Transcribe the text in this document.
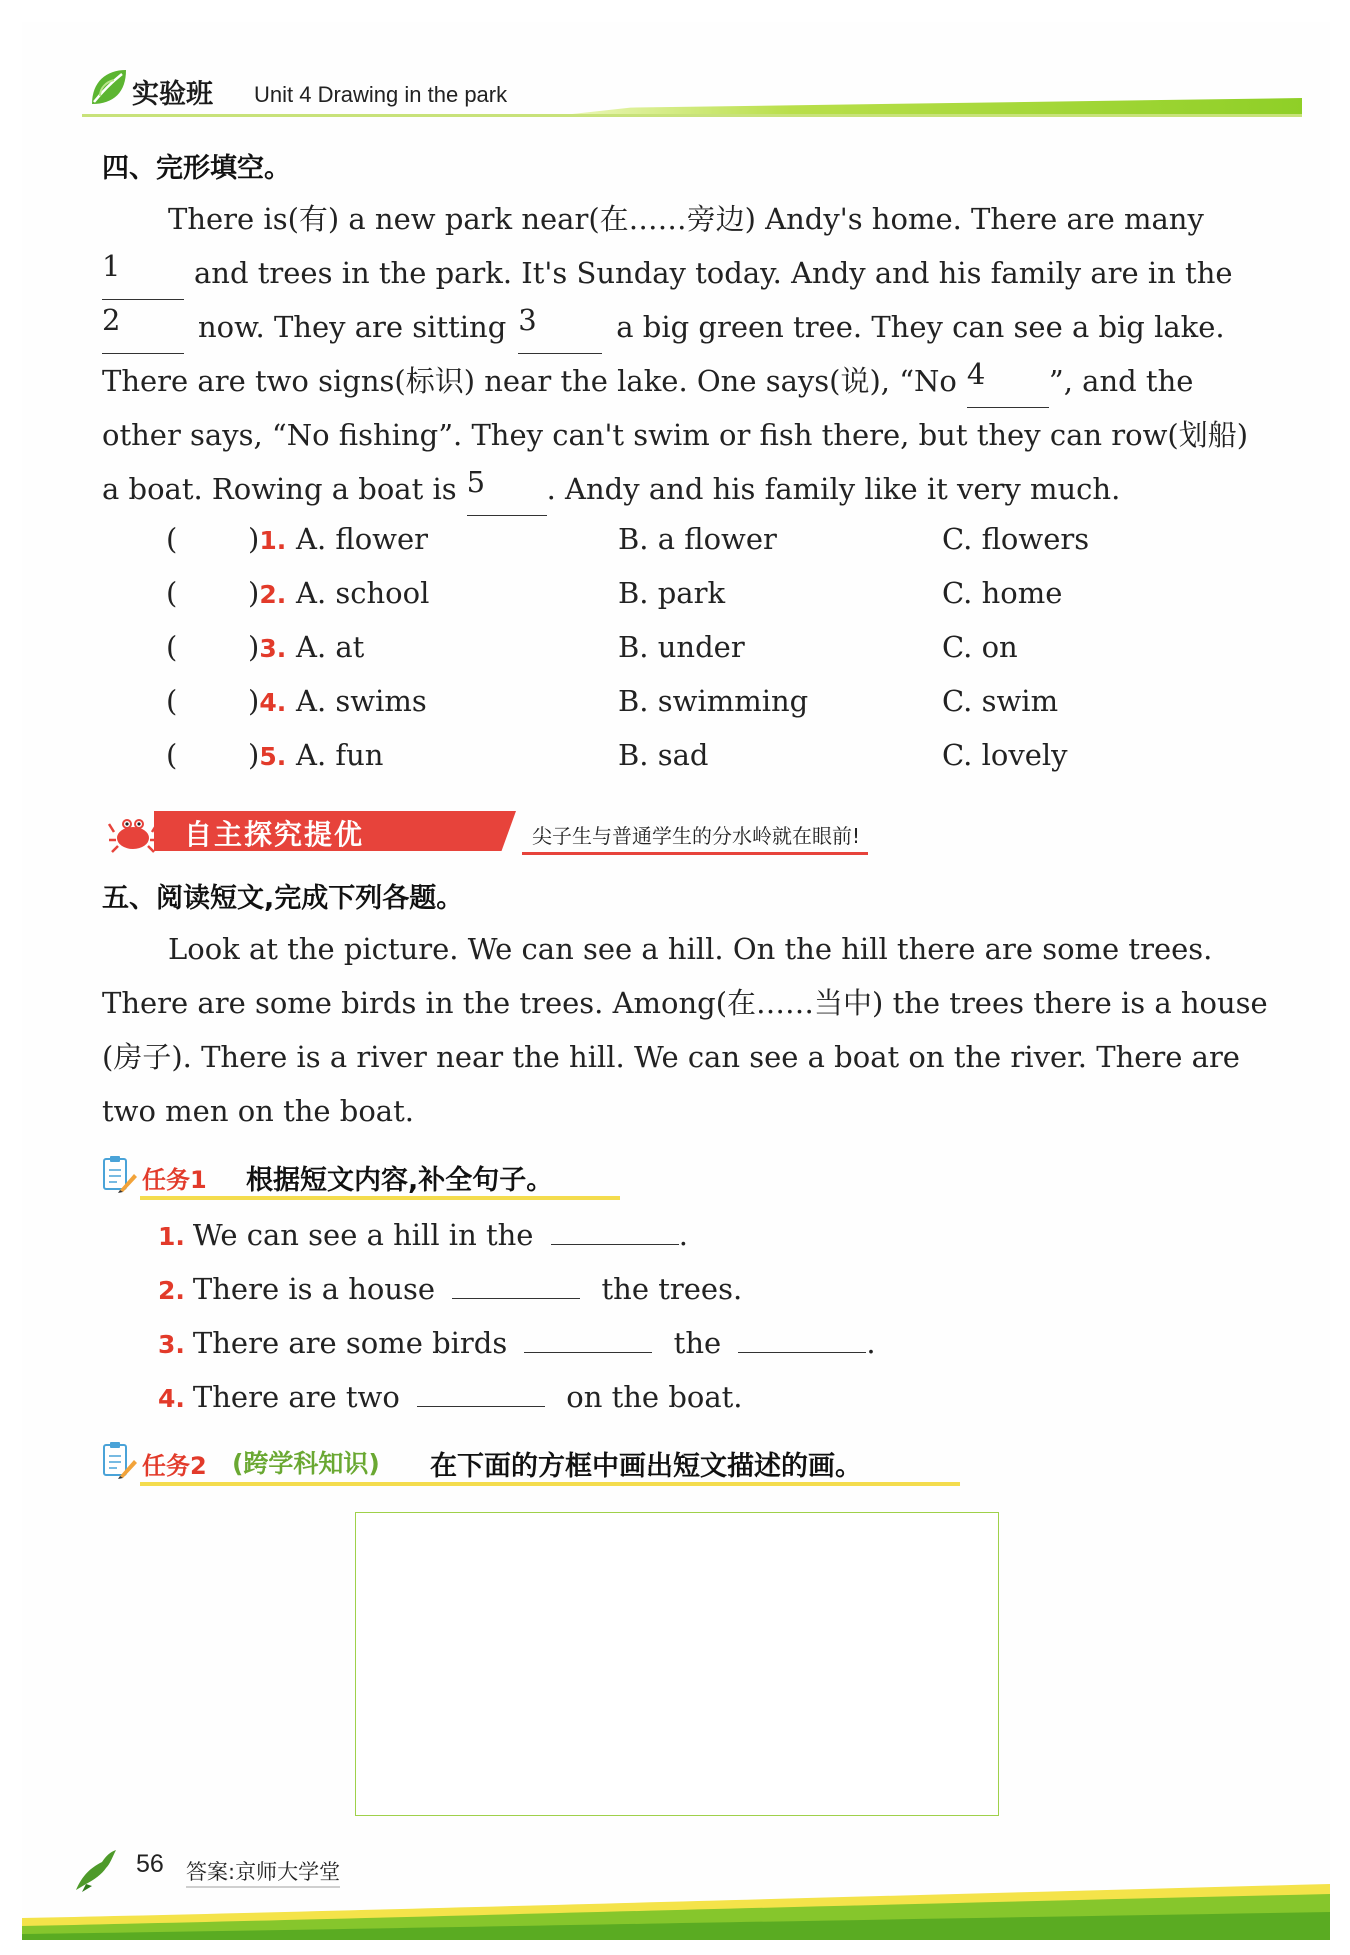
实验班 Unit 4 Drawing in the park
四、完形填空。

There is(有) a new park near(在……旁边) Andy's home. There are many

1	and trees in the park. It's Sunday today. Andy and his family are in the

2	now. They are sitting 3	a big green tree. They can see a big lake.

There are two signs(标识) near the lake. One says(说), “No 4	”, and the

other says, “No fishing”. They can't swim or fish there, but they can row(划船)

a boat. Rowing a boat is 5	. Andy and his family like it very much.

( )1. A. flower	B. a flower	C. flowers
( )2. A. school	B. park	C. home
( )3. A. at	B. under	C. on
( )4. A. swims	B. swimming	C. swim
( )5. A. fun	B. sad	C. lovely
自主探究提优	尖子生与普通学生的分水岭就在眼前!
五、阅读短文,完成下列各题。

Look at the picture. We can see a hill. On the hill there are some trees.

There are some birds in the trees. Among(在……当中) the trees there is a house

(房子). There is a river near the hill. We can see a boat on the river. There are

two men on the boat.

任务1 根据短文内容,补全句子。
1. We can see a hill in the	.
2. There is a house	the trees.
3. There are some birds	the	.
4. There are two	on the boat.
任务2 (跨学科知识) 在下面的方框中画出短文描述的画。
56 答案:京师大学堂
